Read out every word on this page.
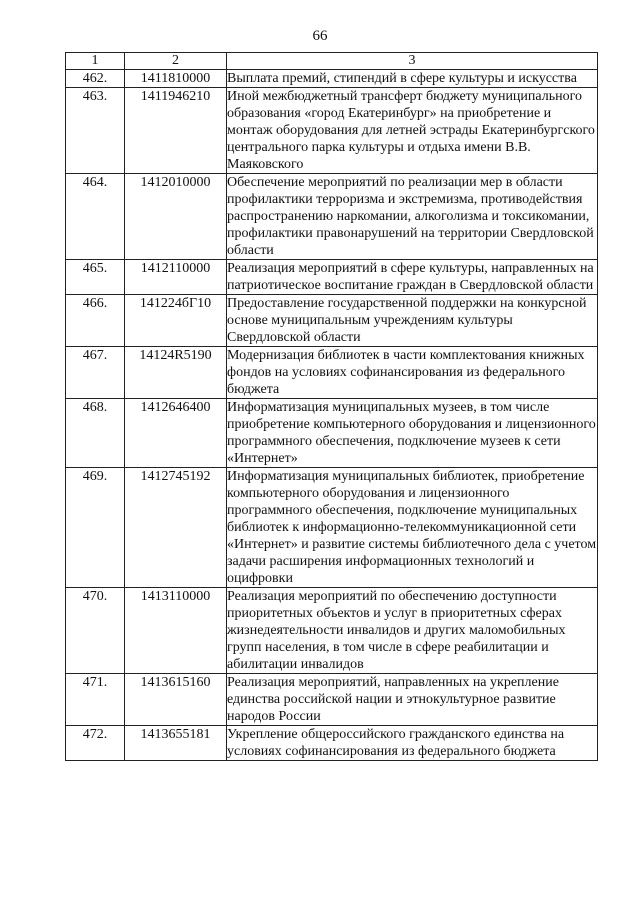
66
1	2	3
462.	1411810000	Выплата премий, стипендий в сфере культуры и искусства
463.	1411946210	Иной межбюджетный трансферт бюджету муниципального образования «город Екатеринбург» на приобретение и монтаж оборудования для летней эстрады Екатеринбургского центрального парка культуры и отдыха имени В.В. Маяковского
464.	1412010000	Обеспечение мероприятий по реализации мер в области профилактики терроризма и экстремизма, противодействия распространению наркомании, алкоголизма и токсикомании, профилактики правонарушений на территории Свердловской области
465.	1412110000	Реализация мероприятий в сфере культуры, направленных на патриотическое воспитание граждан в Свердловской области
466.	141224бГ10	Предоставление государственной поддержки на конкурсной основе муниципальным учреждениям культуры Свердловской области
467.	14124R5190	Модернизация библиотек в части комплектования книжных фондов на условиях софинансирования из федерального бюджета
468.	1412646400	Информатизация муниципальных музеев, в том числе приобретение компьютерного оборудования и лицензионного программного обеспечения, подключение музеев к сети «Интернет»
469.	1412745192	Информатизация муниципальных библиотек, приобретение компьютерного оборудования и лицензионного программного обеспечения, подключение муниципальных библиотек к информационно-телекоммуникационной сети «Интернет» и развитие системы библиотечного дела с учетом задачи расширения информационных технологий и оцифровки
470.	1413110000	Реализация мероприятий по обеспечению доступности приоритетных объектов и услуг в приоритетных сферах жизнедеятельности инвалидов и других маломобильных групп населения, в том числе в сфере реабилитации и абилитации инвалидов
471.	1413615160	Реализация мероприятий, направленных на укрепление единства российской нации и этнокультурное развитие народов России
472.	1413655181	Укрепление общероссийского гражданского единства на условиях софинансирования из федерального бюджета
